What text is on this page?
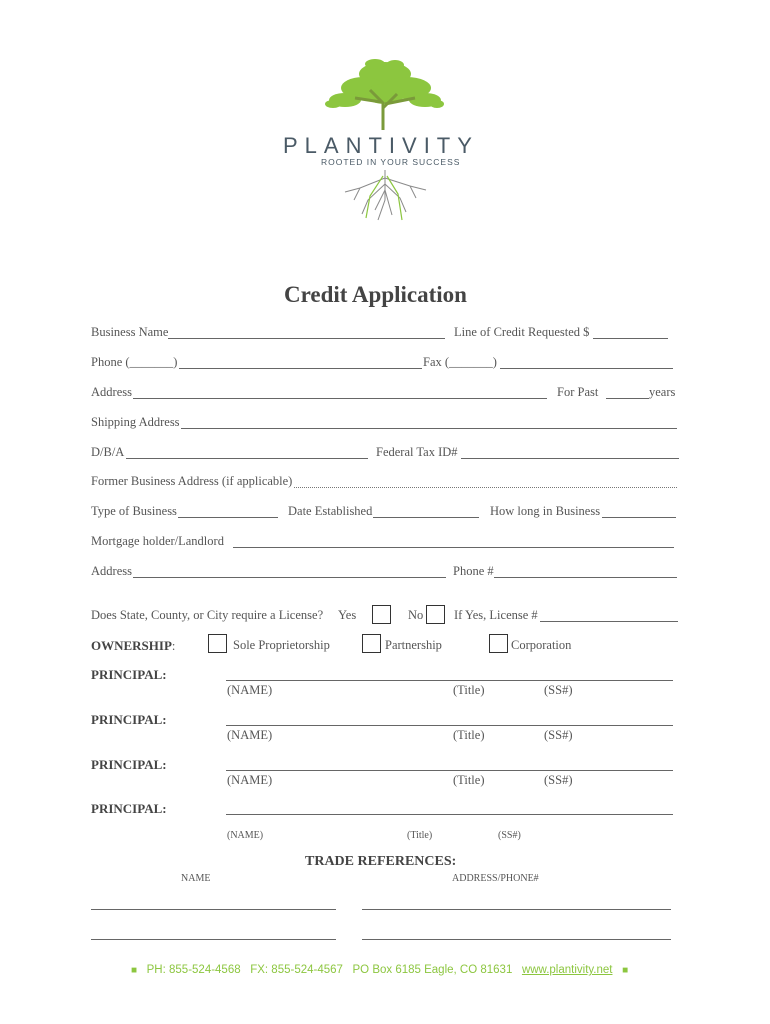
PLANTIVITY
ROOTED IN YOUR SUCCESS
Credit Application
Business Name	Line of Credit Requested $
Phone (_______)	Fax (_______)
Address	For Past	years
Shipping Address
D/B/A	Federal Tax ID#
Former Business Address (if applicable)
Type of Business	Date Established	How long in Business
Mortgage holder/Landlord
Address	Phone #
Does State, County, or City require a License? Yes	No If Yes, License #
OWNERSHIP:	Sole Proprietorship	Partnership	Corporation
PRINCIPAL:
(NAME)	(Title)	(SS#)
PRINCIPAL:
(NAME)	(Title)	(SS#)
PRINCIPAL:
(NAME)	(Title)	(SS#)
PRINCIPAL:
(NAME)	(Title)	(SS#)
TRADE REFERENCES:
NAME	ADDRESS/PHONE#
■ PH: 855-524-4568 FX: 855-524-4567 PO Box 6185 Eagle, CO 81631 www.plantivity.net ■
